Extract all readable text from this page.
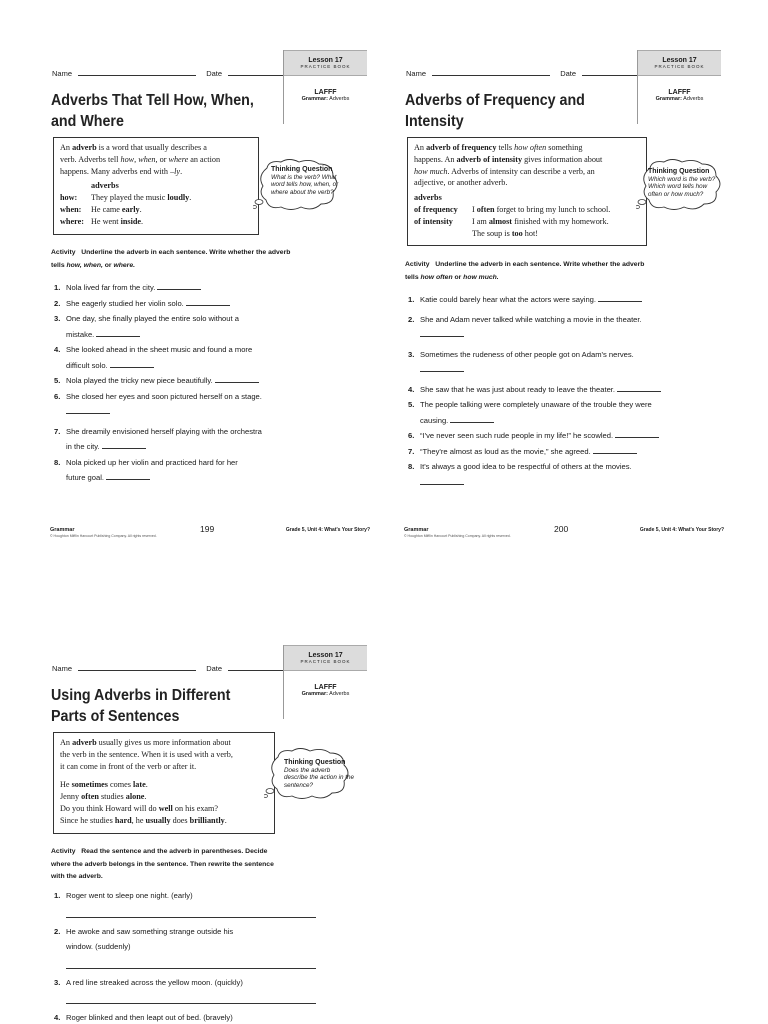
Name	Date
Lesson 17
PRACTICE BOOK
LAFFF
Grammar: Adverbs
Adverbs That Tell How, When, and Where

An adverb is a word that usually describes a

verb. Adverbs tell how, when, or where an action

happens. Many adverbs end with –ly.

adverbs
how:	They played the music loudly.
when:	He came early.
where: He went inside.
Thinking Question
What is the verb? What word tells how, when, or where about the verb?
Activity Underline the adverb in each sentence. Write whether the adverb tells how, when, or where.
1. Nola lived far from the city.
2. She eagerly studied her violin solo.
3. One day, she finally played the entire solo without a
mistake.
4. She looked ahead in the sheet music and found a more
difficult solo.
5. Nola played the tricky new piece beautifully.
6. She closed her eyes and soon pictured herself on a stage.

7. She dreamily envisioned herself playing with the orchestra
in the city.
8. Nola picked up her violin and practiced hard for her
future goal.
Grammar
© Houghton Mifflin Harcourt Publishing Company. All rights reserved.
199	Grade 5, Unit 4: What's Your Story?
Name	Date
Lesson 17
PRACTICE BOOK
LAFFF
Grammar: Adverbs
Adverbs of Frequency and Intensity

An adverb of frequency tells how often something

happens. An adverb of intensity gives information about

how much. Adverbs of intensity can describe a verb, an

adjective, or another adverb.

adverbs
of frequency	I often forget to bring my lunch to school.
of intensity	I am almost finished with my homework.
The soup is too hot!
Thinking Question
Which word is the verb? Which word tells how often or how much?
Activity Underline the adverb in each sentence. Write whether the adverb tells how often or how much.
1. Katie could barely hear what the actors were saying.
2. She and Adam never talked while watching a movie in the theater.

3. Sometimes the rudeness of other people got on Adam's nerves.

4. She saw that he was just about ready to leave the theater.
5. The people talking were completely unaware of the trouble they were
causing.
6. “I've never seen such rude people in my life!” he scowled.
7. “They're almost as loud as the movie,” she agreed.
8. It's always a good idea to be respectful of others at the movies.

Grammar
© Houghton Mifflin Harcourt Publishing Company. All rights reserved.
200	Grade 5, Unit 4: What's Your Story?
Name	Date
Lesson 17
PRACTICE BOOK
LAFFF
Grammar: Adverbs
Using Adverbs in Different Parts of Sentences

An adverb usually gives us more information about

the verb in the sentence. When it is used with a verb,

it can come in front of the verb or after it.

He sometimes comes late.

Jenny often studies alone.

Do you think Howard will do well on his exam?

Since he studies hard, he usually does brilliantly.

Thinking Question
Does the adverb describe the action in the sentence?
Activity Read the sentence and the adverb in parentheses. Decide where the adverb belongs in the sentence. Then rewrite the sentence with the adverb.
1. Roger went to sleep one night. (early)
2. He awoke and saw something strange outside his
window. (suddenly)
3. A red line streaked across the yellow moon. (quickly)
4. Roger blinked and then leapt out of bed. (bravely)
